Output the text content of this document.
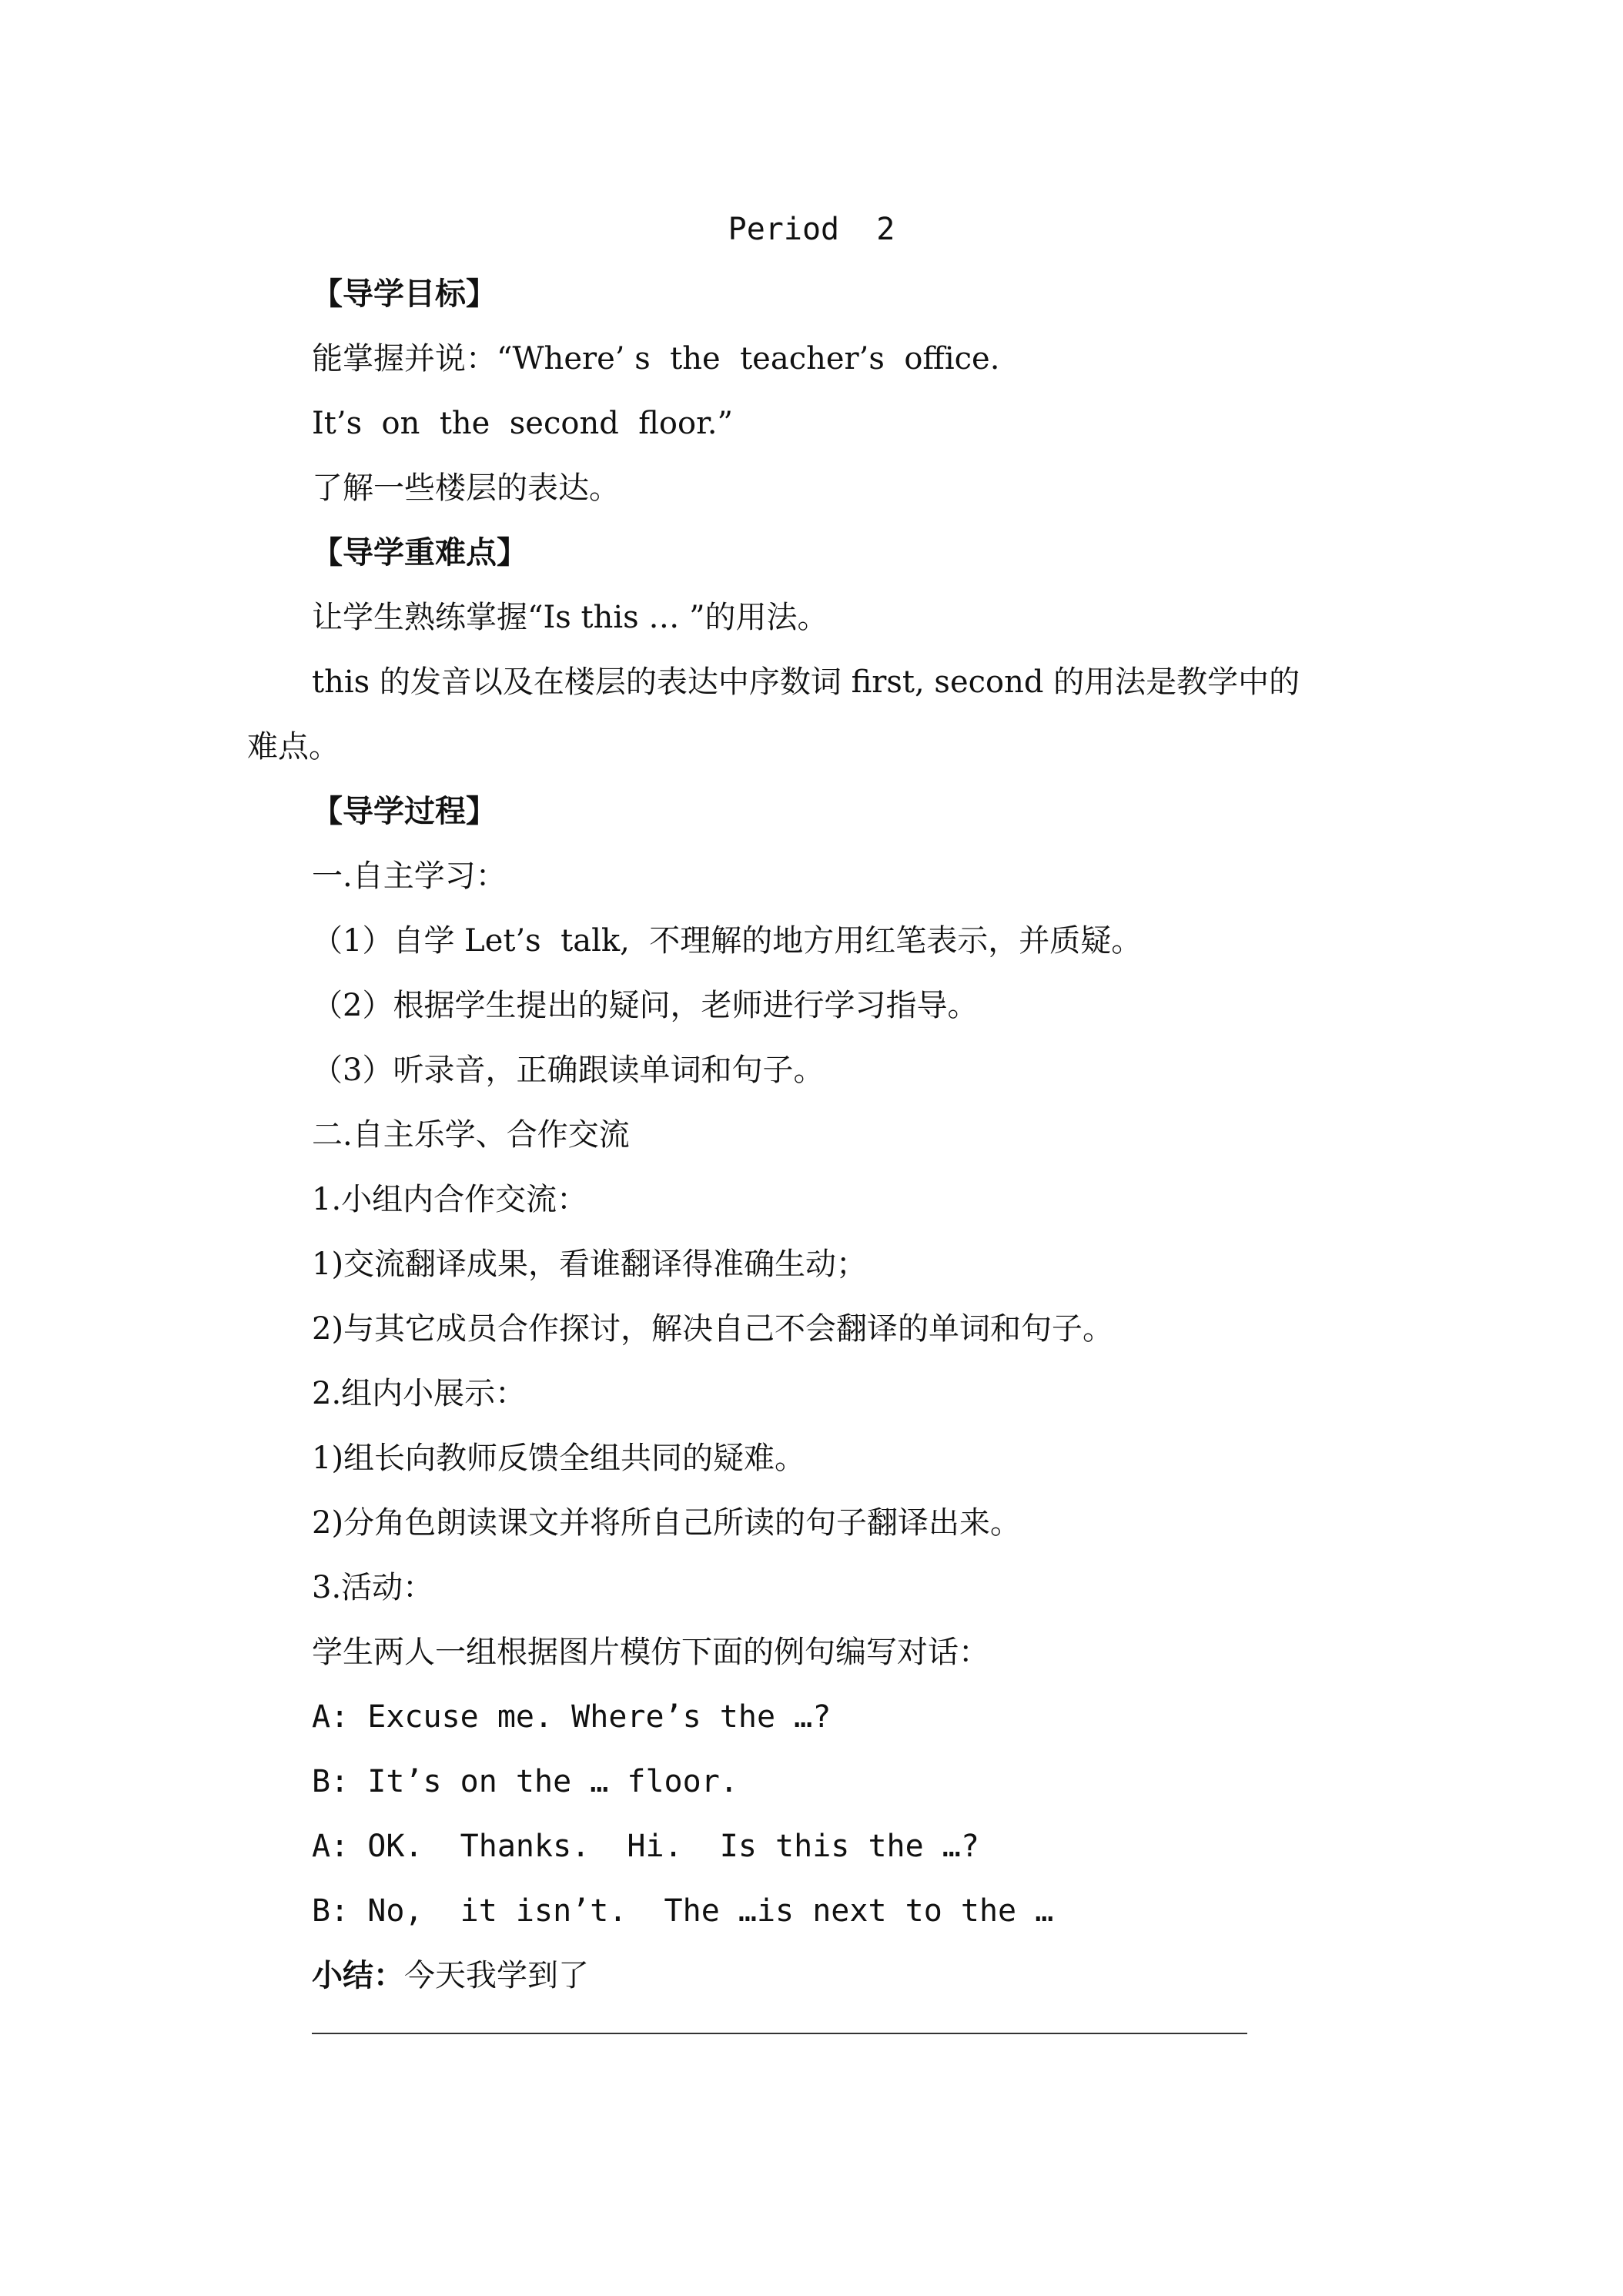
Period  2
【导学目标】
能掌握并说：“Where’ s  the  teacher’s  office.
It’s  on  the  second  floor.”
了解一些楼层的表达。
【导学重难点】
让学生熟练掌握“Is this … ”的用法。
this 的发音以及在楼层的表达中序数词 first, second 的用法是教学中的
难点。
【导学过程】
一.自主学习：
（1）自学 Let’s  talk,  不理解的地方用红笔表示，并质疑。
（2）根据学生提出的疑问，老师进行学习指导。
（3）听录音，正确跟读单词和句子。
二.自主乐学、合作交流
1.小组内合作交流：
1)交流翻译成果，看谁翻译得准确生动；
2)与其它成员合作探讨，解决自己不会翻译的单词和句子。
2.组内小展示：
1)组长向教师反馈全组共同的疑难。
2)分角色朗读课文并将所自己所读的句子翻译出来。
3.活动：
学生两人一组根据图片模仿下面的例句编写对话：
A: Excuse me. Where’s the …?
B: It’s on the … floor.
A: OK.  Thanks.  Hi.  Is this the …?
B: No,  it isn’t.  The …is next to the …
小结：今天我学到了
